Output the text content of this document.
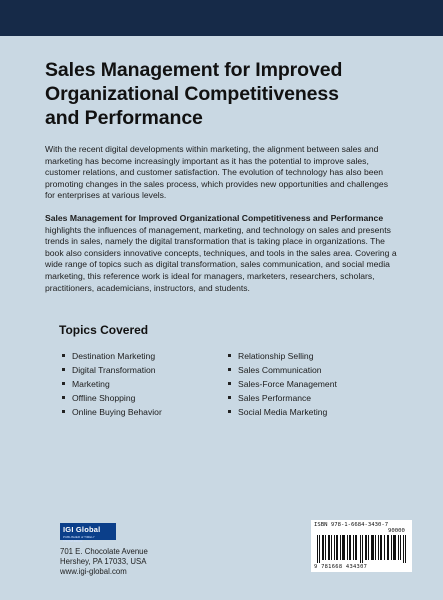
Sales Management for Improved
Organizational Competitiveness
and Performance

With the recent digital developments within marketing, the alignment between sales and marketing has become increasingly important as it has the potential to improve sales, customer relations, and customer satisfaction. The evolution of technology has also been promoting changes in the sales process, which provides new opportunities and challenges for enterprises at various levels.

Sales Management for Improved Organizational Competitiveness and Performance highlights the influences of management, marketing, and technology on sales and presents trends in sales, namely the digital transformation that is taking place in organizations. The book also considers innovative concepts, techniques, and tools in the sales area. Covering a wide range of topics such as digital transformation, sales communication, and social media marketing, this reference work is ideal for managers, marketers, researchers, scholars, practitioners, academicians, instructors, and students.

Topics Covered
Destination Marketing
Digital Transformation
Marketing
Offline Shopping
Online Buying Behavior
Relationship Selling
Sales Communication
Sales-Force Management
Sales Performance
Social Media Marketing
IGI Global
PUBLISHER of TIMELY KNOWLEDGE
701 E. Chocolate Avenue
Hershey, PA 17033, USA
www.igi-global.com
ISBN 978-1-6684-3430-7
90000
9 781668 434307
